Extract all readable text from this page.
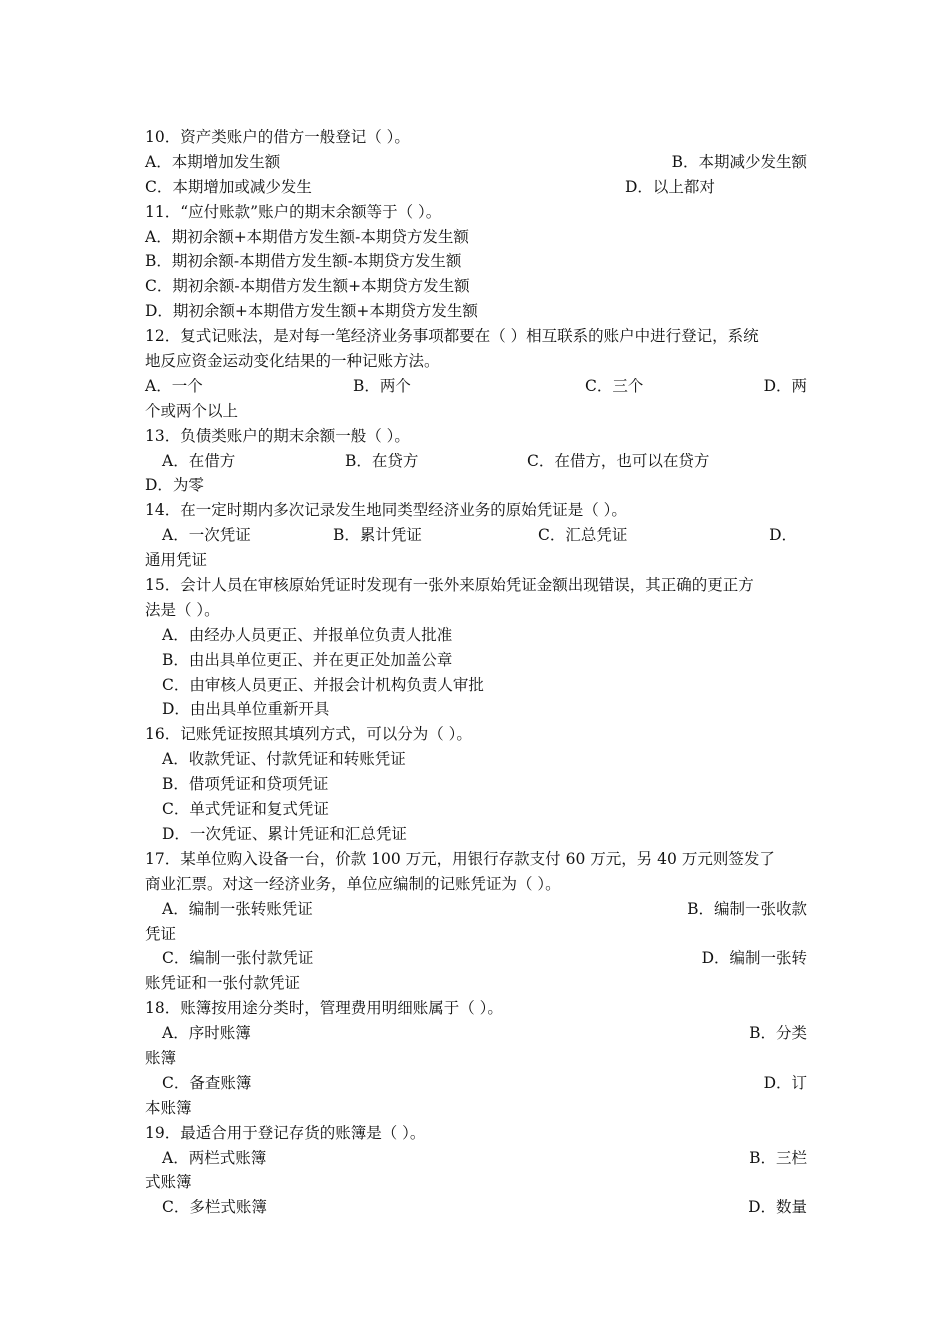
10．资产类账户的借方一般登记（ ）。
A．本期增加发生额	B．本期减少发生额
C．本期增加或减少发生	D．以上都对
11．“应付账款”账户的期末余额等于（ ）。
A．期初余额+本期借方发生额-本期贷方发生额
B．期初余额-本期借方发生额-本期贷方发生额
C．期初余额-本期借方发生额+本期贷方发生额
D．期初余额+本期借方发生额+本期贷方发生额
12．复式记账法，是对每一笔经济业务事项都要在（ ）相互联系的账户中进行登记，系统
地反应资金运动变化结果的一种记账方法。
A．一个	B．两个	C．三个	D．两
个或两个以上
13．负债类账户的期末余额一般（ ）。
A．在借方	B．在贷方	C．在借方，也可以在贷方
D．为零
14．在一定时期内多次记录发生地同类型经济业务的原始凭证是（ ）。
A．一次凭证	B．累计凭证	C．汇总凭证	D．
通用凭证
15．会计人员在审核原始凭证时发现有一张外来原始凭证金额出现错误，其正确的更正方
法是（ ）。
A．由经办人员更正、并报单位负责人批准
B．由出具单位更正、并在更正处加盖公章
C．由审核人员更正、并报会计机构负责人审批
D．由出具单位重新开具
16．记账凭证按照其填列方式，可以分为（ ）。
A．收款凭证、付款凭证和转账凭证
B．借项凭证和贷项凭证
C．单式凭证和复式凭证
D．一次凭证、累计凭证和汇总凭证
17．某单位购入设备一台，价款 100 万元，用银行存款支付 60 万元，另 40 万元则签发了
商业汇票。对这一经济业务，单位应编制的记账凭证为（ ）。
A．编制一张转账凭证	B．编制一张收款
凭证
C．编制一张付款凭证	D．编制一张转
账凭证和一张付款凭证
18．账簿按用途分类时，管理费用明细账属于（ ）。
A．序时账簿	B．分类
账簿
C．备查账簿	D．订
本账簿
19．最适合用于登记存货的账簿是（ ）。
A．两栏式账簿	B．三栏
式账簿
C．多栏式账簿	D．数量
